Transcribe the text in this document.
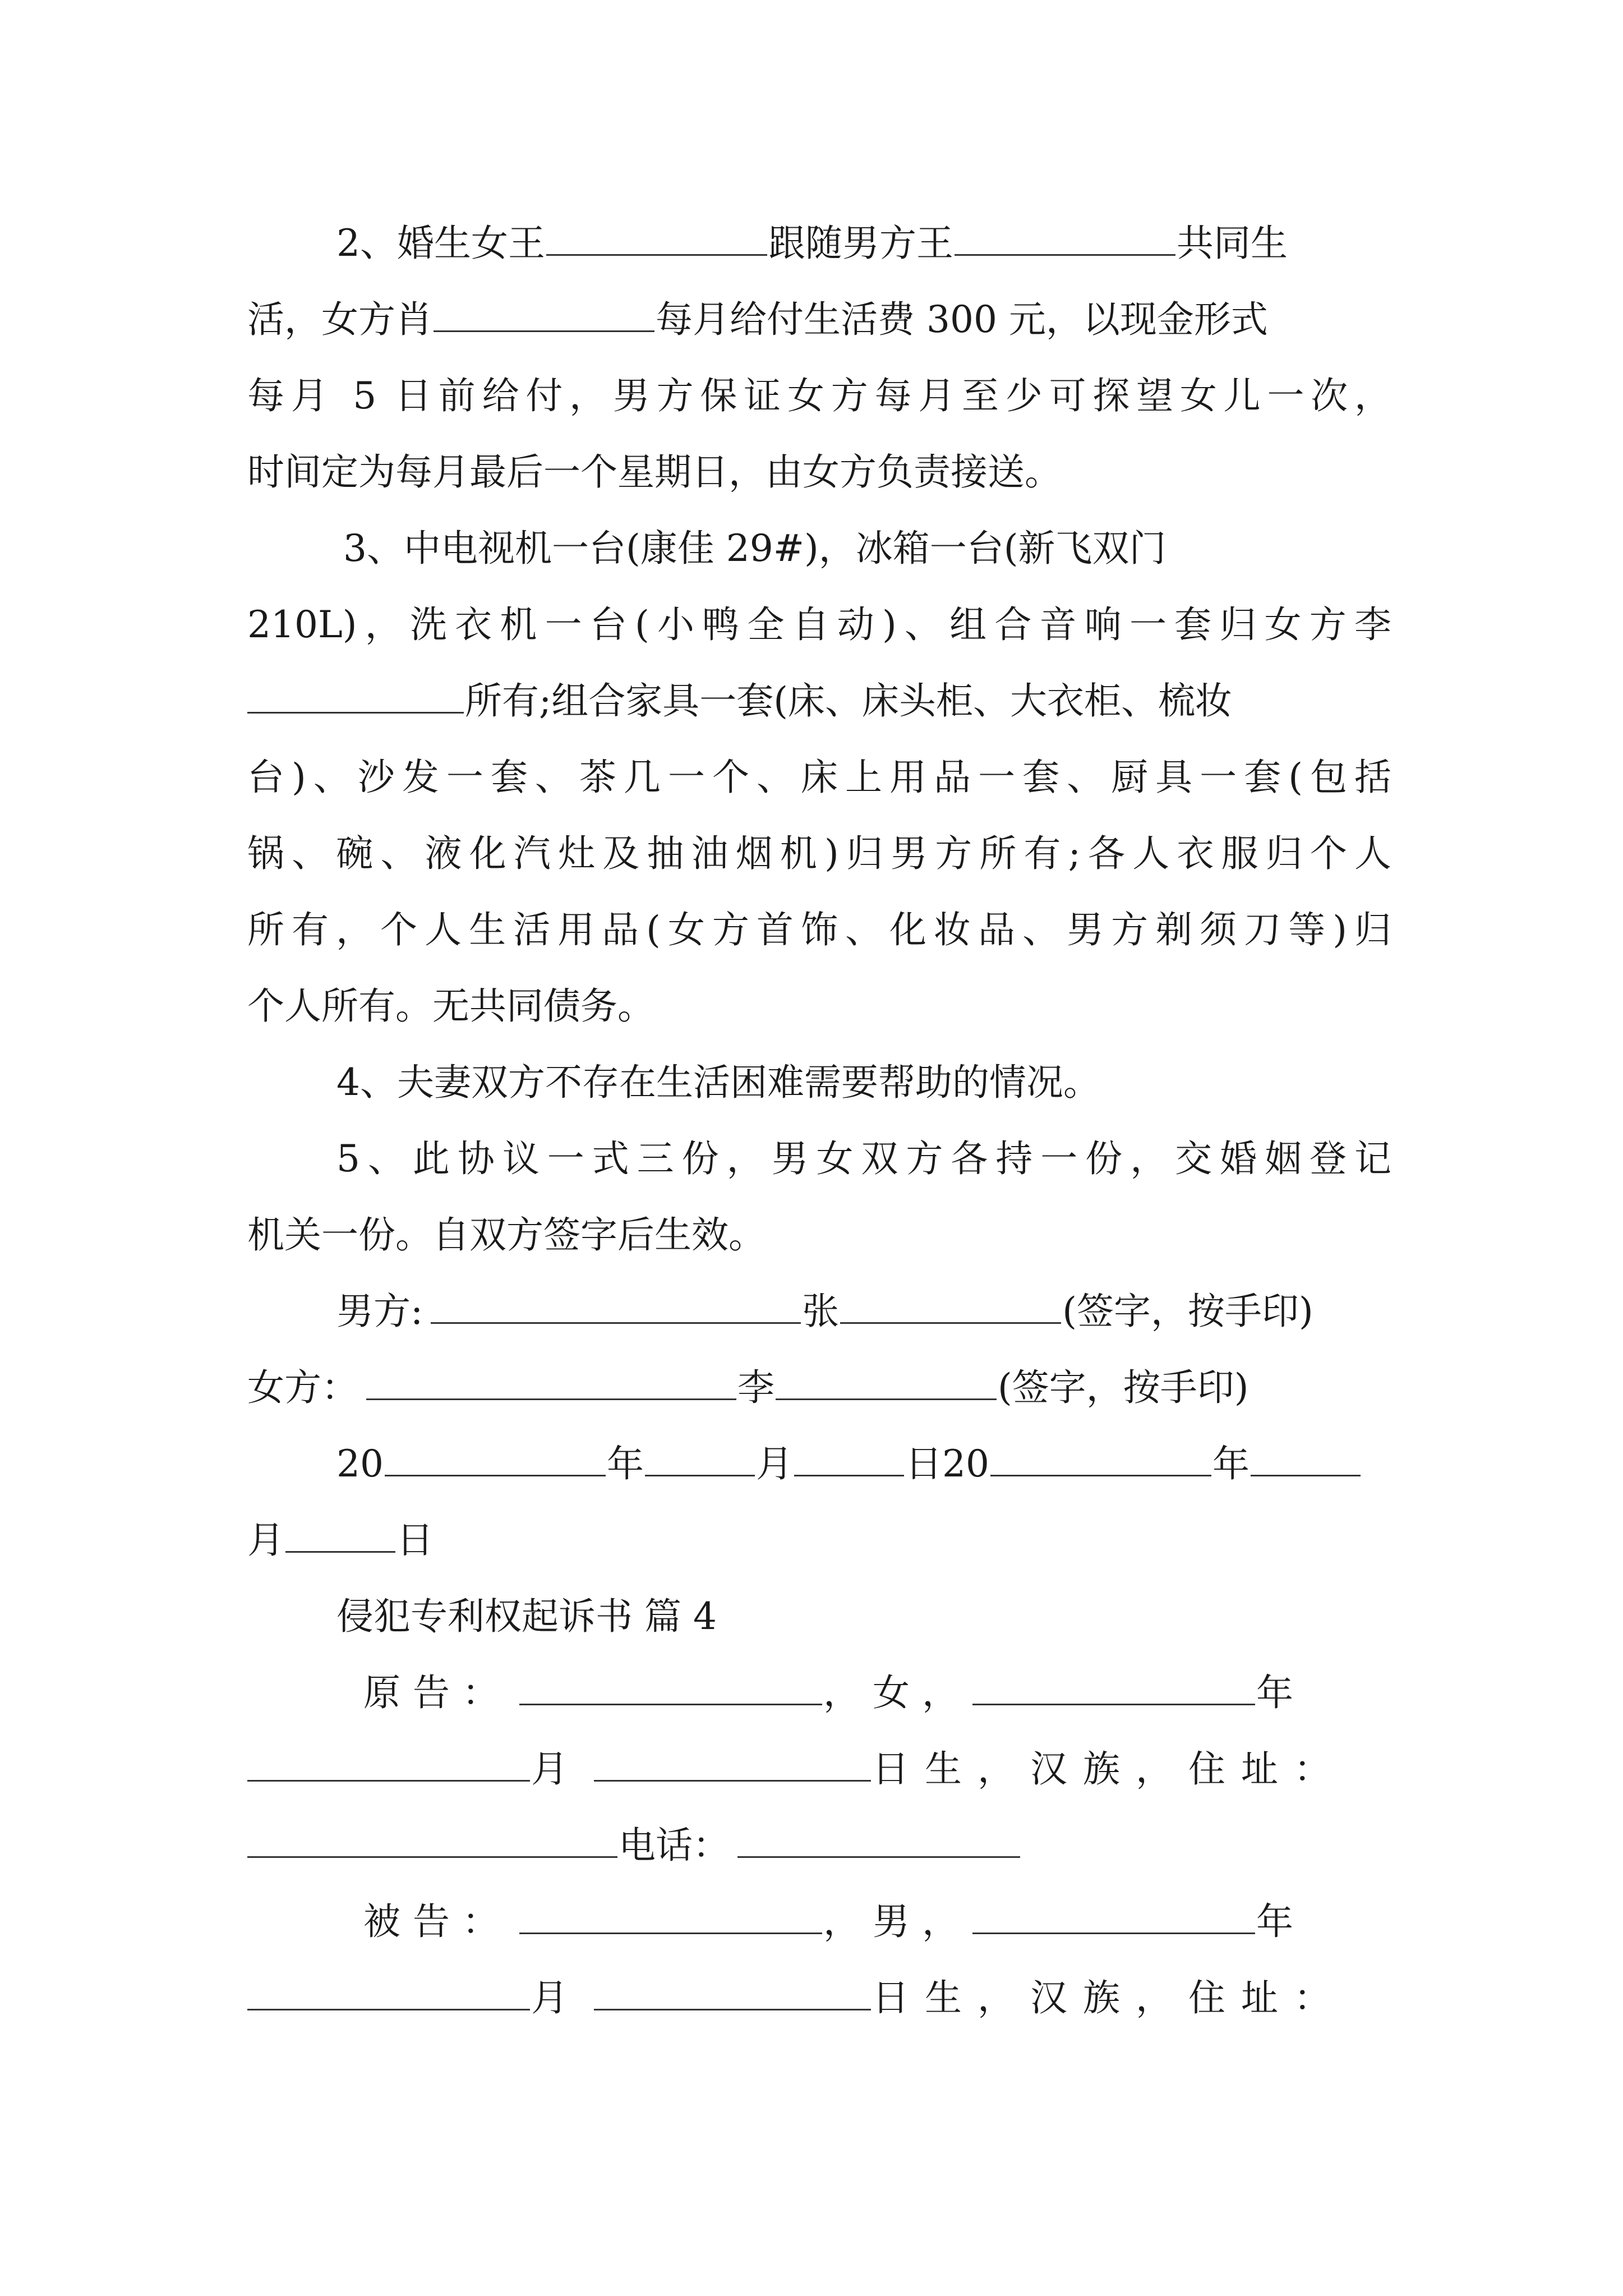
2、婚生女王	跟随男方王	共同生
活，女方肖	每月给付生活费 300 元，以现金形式
每月 5 日前给付，男方保证女方每月至少可探望女儿一次，
时间定为每月最后一个星期日，由女方负责接送。
3、中电视机一台(康佳 29#)，冰箱一台(新飞双门
210L)，洗衣机一台(小鸭全自动)、组合音响一套归女方李
所有;组合家具一套(床、床头柜、大衣柜、梳妆
台)、沙发一套、茶几一个、床上用品一套、厨具一套(包括
锅、碗、液化汽灶及抽油烟机)归男方所有;各人衣服归个人
所有，个人生活用品(女方首饰、化妆品、男方剃须刀等)归
个人所有。无共同债务。
4、夫妻双方不存在生活困难需要帮助的情况。
5、此协议一式三份，男女双方各持一份，交婚姻登记
机关一份。自双方签字后生效。
男方:	张	(签字，按手印)
女方：	李	(签字，按手印)
20	年	月	日20	年
月	日
侵犯专利权起诉书 篇 4
原告：	，女，	年
月	日生，汉族，住址：
电话：
被告：	，男，	年
月	日生，汉族，住址：
